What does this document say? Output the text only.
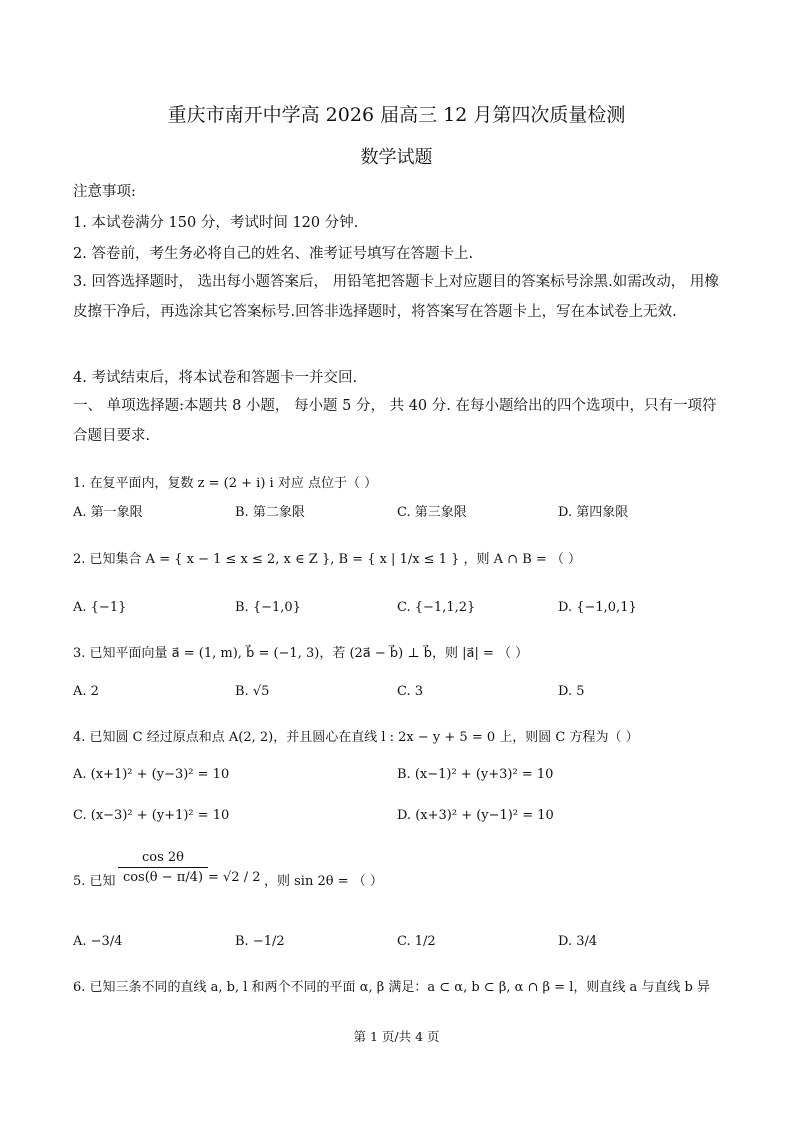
重庆市南开中学高 2026 届高三 12 月第四次质量检测
数学试题
注意事项:
1. 本试卷满分 150 分，考试时间 120 分钟.
2. 答卷前，考生务必将自己的姓名、准考证号填写在答题卡上.
3. 回答选择题时， 选出每小题答案后， 用铅笔把答题卡上对应题目的答案标号涂黑.如需改动， 用橡皮擦干净后，再选涂其它答案标号.回答非选择题时，将答案写在答题卡上，写在本试卷上无效.
4. 考试结束后，将本试卷和答题卡一并交回.
一、 单项选择题:本题共 8 小题， 每小题 5 分， 共 40 分. 在每小题给出的四个选项中，只有一项符合题目要求.
1. 在复平面内，复数 z = (2 + i) i 对应 点位于（ ）
A. 第一象限	B. 第二象限	C. 第三象限	D. 第四象限
2. 已知集合 A = { x − 1 ≤ x ≤ 2, x ∈ Z }, B = { x | 1/x ≤ 1 } ，则 A ∩ B = （ ）
A. {−1}	B. {−1,0}	C. {−1,1,2}	D. {−1,0,1}
3. 已知平面向量 a⃗ = (1, m), b⃗ = (−1, 3)，若 (2a⃗ − b⃗) ⊥ b⃗，则 |a⃗| = （ ）
A. 2	B. √5	C. 3	D. 5
4. 已知圆 C 经过原点和点 A(2, 2)，并且圆心在直线 l : 2x − y + 5 = 0 上，则圆 C 方程为（ ）
A. (x+1)² + (y−3)² = 10	B. (x−1)² + (y+3)² = 10
C. (x−3)² + (y+1)² = 10	D. (x+3)² + (y−1)² = 10
5. 已知 $\frac{\cos 2\theta}{\cos(\theta - \pi/4)} = √2 / 2$ ，则 sin 2θ = （ ）
A. −3/4	B. −1/2	C. 1/2	D. 3/4
6. 已知三条不同的直线 a, b, l 和两个不同的平面 α, β 满足：a ⊂ α, b ⊂ β, α ∩ β = l，则直线 a 与直线 b 异
第 1 页/共 4 页
